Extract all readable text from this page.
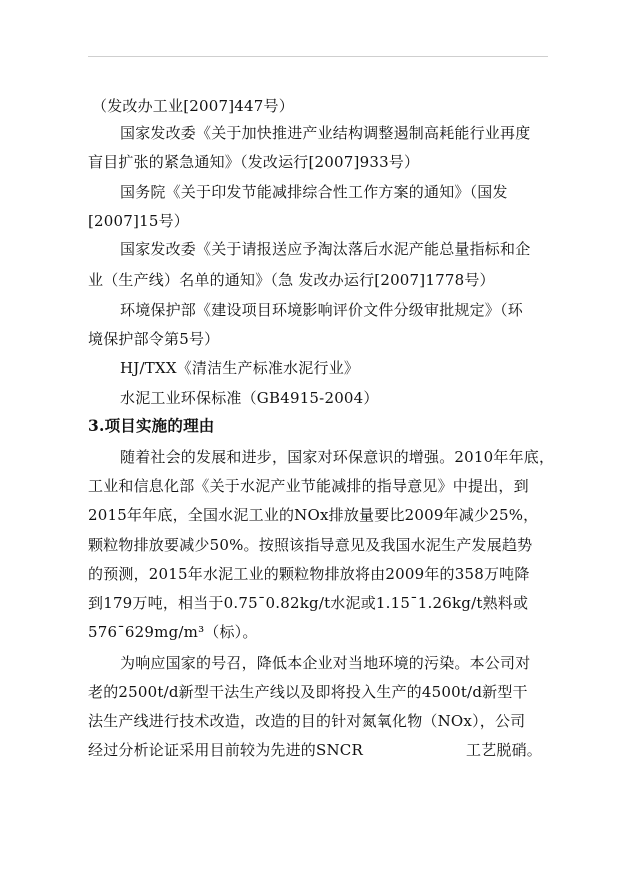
（发改办工业[2007]447号）
国家发改委《关于加快推进产业结构调整遏制高耗能行业再度
盲目扩张的紧急通知》（发改运行[2007]933号）
国务院《关于印发节能减排综合性工作方案的通知》（国发
[2007]15号）
国家发改委《关于请报送应予淘汰落后水泥产能总量指标和企
业（生产线）名单的通知》（急 发改办运行[2007]1778号）
环境保护部《建设项目环境影响评价文件分级审批规定》（环
境保护部令第5号）
HJ/TXX《清洁生产标准水泥行业》
水泥工业环保标准（GB4915-2004）
3.项目实施的理由
随着社会的发展和进步，国家对环保意识的增强。2010年年底，
工业和信息化部《关于水泥产业节能减排的指导意见》中提出，到
2015年年底，全国水泥工业的NOx排放量要比2009年减少25%，
颗粒物排放要减少50%。按照该指导意见及我国水泥生产发展趋势
的预测，2015年水泥工业的颗粒物排放将由2009年的358万吨降
到179万吨，相当于0.75¯0.82kg/t水泥或1.15¯1.26kg/t熟料或
576¯629mg/m³（标）。
为响应国家的号召，降低本企业对当地环境的污染。本公司对
老的2500t/d新型干法生产线以及即将投入生产的4500t/d新型干
法生产线进行技术改造，改造的目的针对氮氧化物（NOx），公司
经过分析论证采用目前较为先进的SNCR	工艺脱硝。
